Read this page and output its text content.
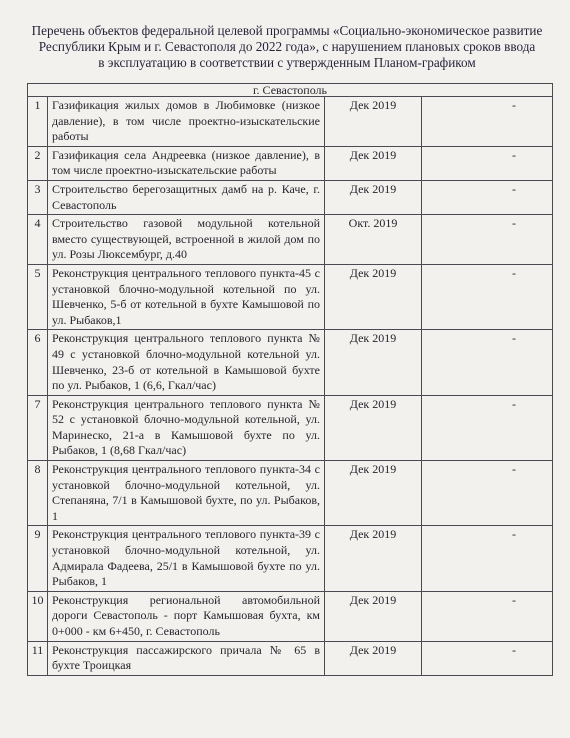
Перечень объектов федеральной целевой программы «Социально-экономическое развитие
Республики Крым и г. Севастополя до 2022 года», с нарушением плановых сроков ввода
в эксплуатацию в соответствии с утвержденным Планом-графиком
г. Севастополь			
1	Газификация жилых домов в Любимовке (низкое давление), в том числе проектно-изыскательские работы	Дек 2019	-
2	Газификация села Андреевка (низкое давление), в том числе проектно-изыскательские работы	Дек 2019	-
3	Строительство берегозащитных дамб на р. Каче, г. Севастополь	Дек 2019	-
4	Строительство газовой модульной котельной вместо существующей, встроенной в жилой дом по ул. Розы Люксембург, д.40	Окт. 2019	-
5	Реконструкция центрального теплового пункта-45 с установкой блочно-модульной котельной по ул. Шевченко, 5-б от котельной в бухте Камышовой по ул. Рыбаков,1	Дек 2019	-
6	Реконструкция центрального теплового пункта № 49 с установкой блочно-модульной котельной ул. Шевченко, 23-б от котельной в Камышовой бухте по ул. Рыбаков, 1 (6,6, Гкал/час)	Дек 2019	-
7	Реконструкция центрального теплового пункта № 52 с установкой блочно-модульной котельной, ул. Маринеско, 21-а в Камышовой бухте по ул. Рыбаков, 1 (8,68 Гкал/час)	Дек 2019	-
8	Реконструкция центрального теплового пункта-34 с установкой блочно-модульной котельной, ул. Степаняна, 7/1 в Камышовой бухте, по ул. Рыбаков, 1	Дек 2019	-
9	Реконструкция центрального теплового пункта-39 с установкой блочно-модульной котельной, ул. Адмирала Фадеева, 25/1 в Камышовой бухте по ул. Рыбаков, 1	Дек 2019	-
10	Реконструкция региональной автомобильной дороги Севастополь - порт Камышовая бухта, км 0+000 - км 6+450, г. Севастополь	Дек 2019	-
11	Реконструкция пассажирского причала № 65 в бухте Троицкая	Дек 2019	-
